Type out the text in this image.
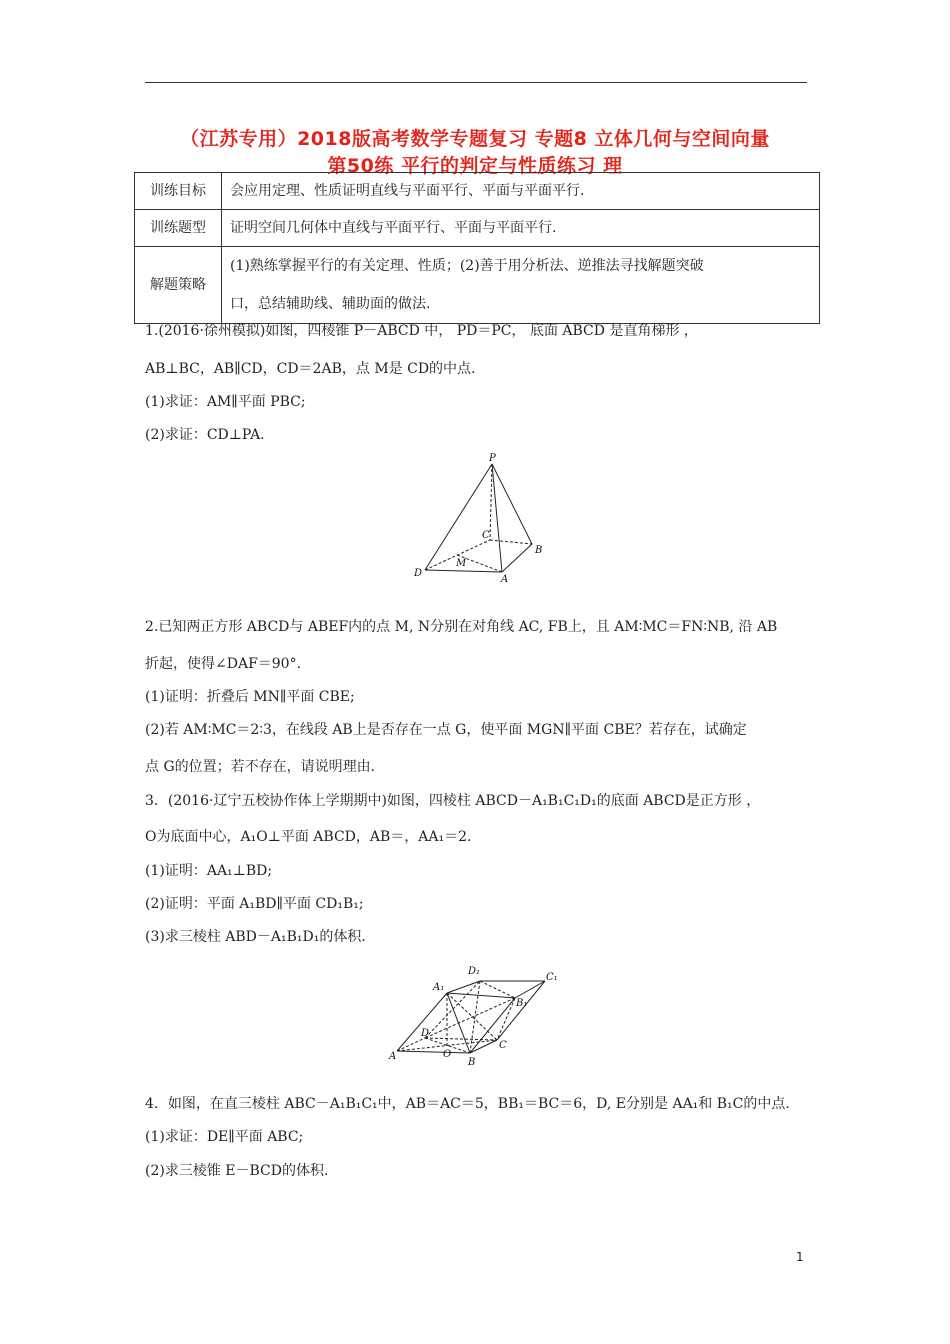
（江苏专用）2018版高考数学专题复习 专题8 立体几何与空间向量
第50练 平行的判定与性质练习 理
训练目标	会应用定理、性质证明直线与平面平行、平面与平面平行.
训练题型	证明空间几何体中直线与平面平行、平面与平面平行.
解题策略	(1)熟练掌握平行的有关定理、性质；(2)善于用分析法、逆推法寻找解题突破
口，总结辅助线、辅助面的做法.
1.(2016·徐州模拟)如图，四棱锥 P－ABCD 中， PD＝PC， 底面 ABCD 是直角梯形 ，
AB⊥BC，AB∥CD，CD＝2AB，点 M是 CD的中点.
(1)求证：AM∥平面 PBC;
(2)求证：CD⊥PA.
P
C
B
M
D
A
2.已知两正方形 ABCD与 ABEF内的点 M, N分别在对角线 AC, FB上，且 AM∶MC＝FN∶NB, 沿 AB
折起，使得∠DAF＝90°.
(1)证明：折叠后 MN∥平面 CBE;
(2)若 AM∶MC＝2∶3，在线段 AB上是否存在一点 G，使平面 MGN∥平面 CBE？若存在，试确定
点 G的位置；若不存在，请说明理由.
3．(2016·辽宁五校协作体上学期期中)如图，四棱柱 ABCD－A₁B₁C₁D₁的底面 ABCD是正方形 ，
O为底面中心，A₁O⊥平面 ABCD，AB＝，AA₁＝2.
(1)证明：AA₁⊥BD;
(2)证明：平面 A₁BD∥平面 CD₁B₁;
(3)求三棱柱 ABD－A₁B₁D₁的体积.
A₁
D₁
C₁
B₁
D
A	O
B
C
4．如图，在直三棱柱 ABC－A₁B₁C₁中，AB＝AC＝5，BB₁＝BC＝6，D, E分别是 AA₁和 B₁C的中点.
(1)求证：DE∥平面 ABC;
(2)求三棱锥 E－BCD的体积.
1
